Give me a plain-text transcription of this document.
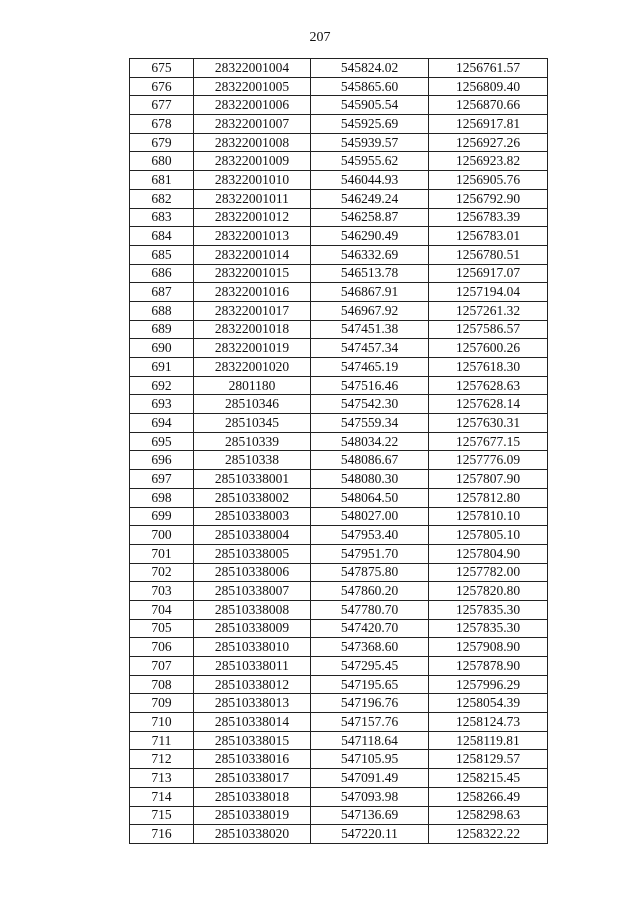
207
675	28322001004	545824.02	1256761.57
676	28322001005	545865.60	1256809.40
677	28322001006	545905.54	1256870.66
678	28322001007	545925.69	1256917.81
679	28322001008	545939.57	1256927.26
680	28322001009	545955.62	1256923.82
681	28322001010	546044.93	1256905.76
682	28322001011	546249.24	1256792.90
683	28322001012	546258.87	1256783.39
684	28322001013	546290.49	1256783.01
685	28322001014	546332.69	1256780.51
686	28322001015	546513.78	1256917.07
687	28322001016	546867.91	1257194.04
688	28322001017	546967.92	1257261.32
689	28322001018	547451.38	1257586.57
690	28322001019	547457.34	1257600.26
691	28322001020	547465.19	1257618.30
692	2801180	547516.46	1257628.63
693	28510346	547542.30	1257628.14
694	28510345	547559.34	1257630.31
695	28510339	548034.22	1257677.15
696	28510338	548086.67	1257776.09
697	28510338001	548080.30	1257807.90
698	28510338002	548064.50	1257812.80
699	28510338003	548027.00	1257810.10
700	28510338004	547953.40	1257805.10
701	28510338005	547951.70	1257804.90
702	28510338006	547875.80	1257782.00
703	28510338007	547860.20	1257820.80
704	28510338008	547780.70	1257835.30
705	28510338009	547420.70	1257835.30
706	28510338010	547368.60	1257908.90
707	28510338011	547295.45	1257878.90
708	28510338012	547195.65	1257996.29
709	28510338013	547196.76	1258054.39
710	28510338014	547157.76	1258124.73
711	28510338015	547118.64	1258119.81
712	28510338016	547105.95	1258129.57
713	28510338017	547091.49	1258215.45
714	28510338018	547093.98	1258266.49
715	28510338019	547136.69	1258298.63
716	28510338020	547220.11	1258322.22
